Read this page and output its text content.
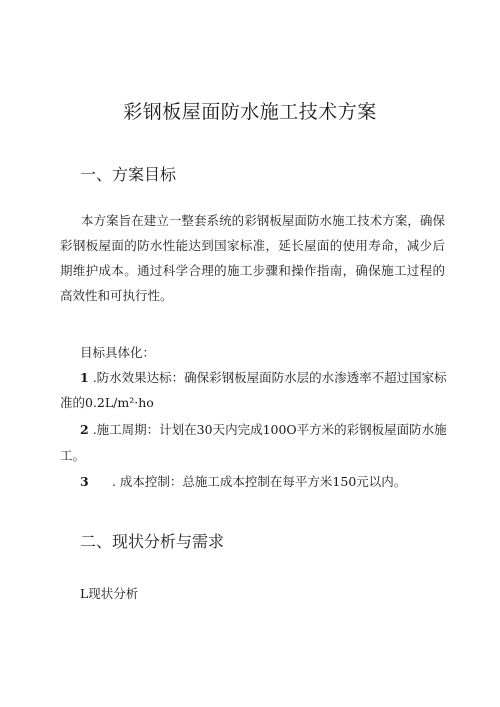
彩钢板屋面防水施工技术方案
一、方案目标

本方案旨在建立一整套系统的彩钢板屋面防水施工技术方案，确保彩钢板屋面的防水性能达到国家标准，延长屋面的使用寿命，减少后期维护成本。通过科学合理的施工步骤和操作指南，确保施工过程的高效性和可执行性。

目标具体化：
1 .防水效果达标：确保彩钢板屋面防水层的水渗透率不超过国家标
准的0.2L∕m²·ho
2 .施工周期：计划在30天内完成100O平方米的彩钢板屋面防水施
工。
3 . 成本控制：总施工成本控制在每平方米150元以内。
二、现状分析与需求
L现状分析
